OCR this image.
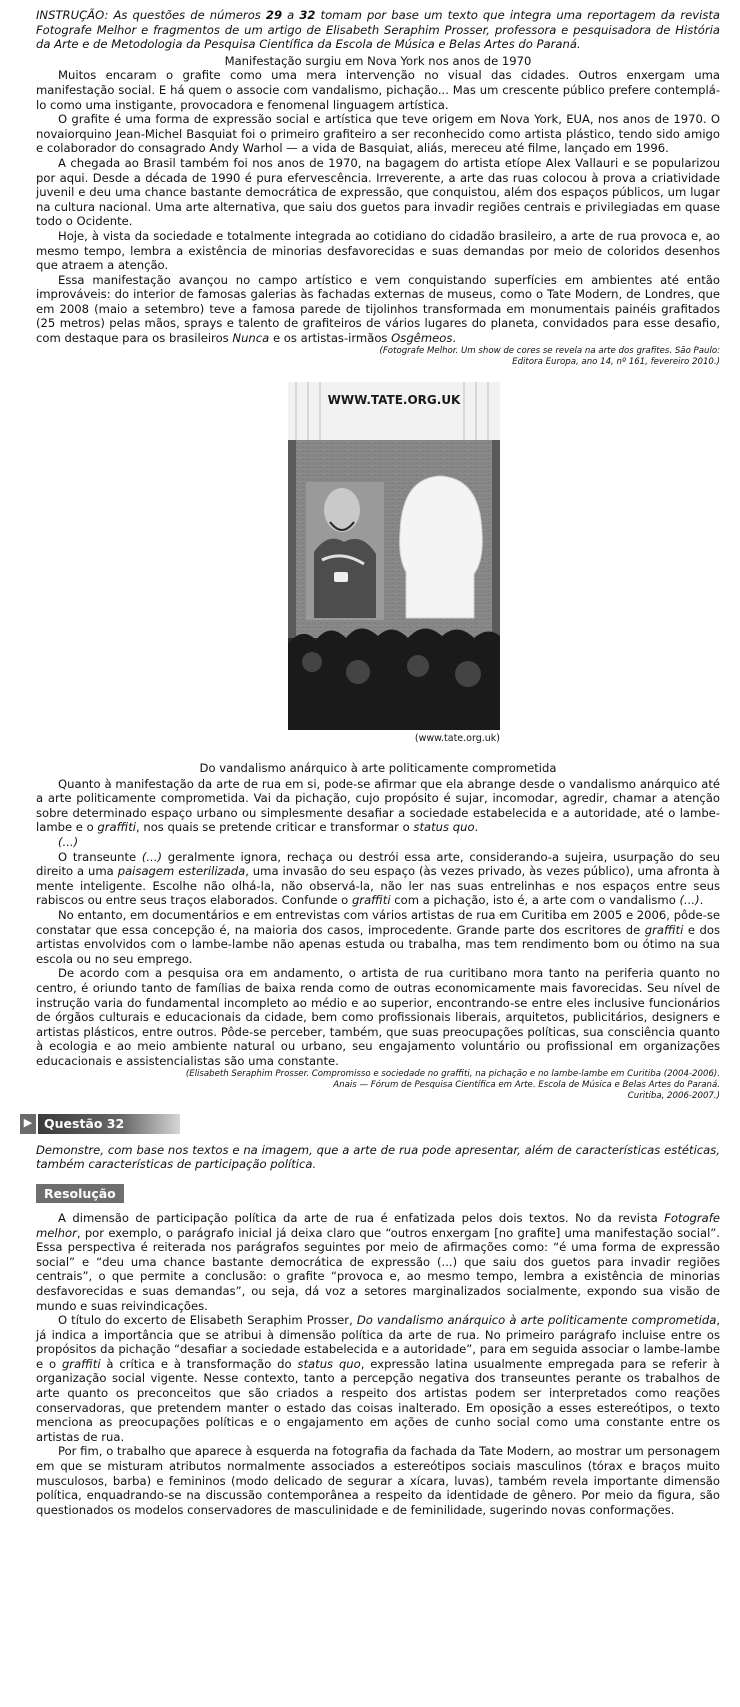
INSTRUÇÃO: As questões de números 29 a 32 tomam por base um texto que integra uma reportagem da revista Fotografe Melhor e fragmentos de um artigo de Elisabeth Seraphim Prosser, professora e pesquisadora de História da Arte e de Metodologia da Pesquisa Científica da Escola de Música e Belas Artes do Paraná.

Manifestação surgiu em Nova York nos anos de 1970

Muitos encaram o grafite como uma mera intervenção no visual das cidades. Outros enxergam uma manifestação social. E há quem o associe com vandalismo, pichação... Mas um crescente público prefere contemplá-lo como uma instigante, provocadora e fenomenal linguagem artística.

O grafite é uma forma de expressão social e artística que teve origem em Nova York, EUA, nos anos de 1970. O novaiorquino Jean-Michel Basquiat foi o primeiro grafiteiro a ser reconhecido como artista plástico, tendo sido amigo e colaborador do consagrado Andy Warhol — a vida de Basquiat, aliás, mereceu até filme, lançado em 1996.

A chegada ao Brasil também foi nos anos de 1970, na bagagem do artista etíope Alex Vallauri e se popularizou por aqui. Desde a década de 1990 é pura efervescência. Irreverente, a arte das ruas colocou à prova a criatividade juvenil e deu uma chance bastante democrática de expressão, que conquistou, além dos espaços públicos, um lugar na cultura nacional. Uma arte alternativa, que saiu dos guetos para invadir regiões centrais e privilegiadas em quase todo o Ocidente.

Hoje, à vista da sociedade e totalmente integrada ao cotidiano do cidadão brasileiro, a arte de rua provoca e, ao mesmo tempo, lembra a existência de minorias desfavorecidas e suas demandas por meio de coloridos desenhos que atraem a atenção.

Essa manifestação avançou no campo artístico e vem conquistando superfícies em ambientes até então improváveis: do interior de famosas galerias às fachadas externas de museus, como o Tate Modern, de Londres, que em 2008 (maio a setembro) teve a famosa parede de tijolinhos transformada em monumentais painéis grafitados (25 metros) pelas mãos, sprays e talento de grafiteiros de vários lugares do planeta, convidados para esse desafio, com destaque para os brasileiros Nunca e os artistas-irmãos Osgêmeos.

(Fotografe Melhor. Um show de cores se revela na arte dos grafites. São Paulo:

Editora Europa, ano 14, nº 161, fevereiro 2010.)

WWW.TATE.ORG.UK

(www.tate.org.uk)

Do vandalismo anárquico à arte politicamente comprometida

Quanto à manifestação da arte de rua em si, pode-se afirmar que ela abrange desde o vandalismo anárquico até a arte politicamente comprometida. Vai da pichação, cujo propósito é sujar, incomodar, agredir, chamar a atenção sobre determinado espaço urbano ou simplesmente desafiar a sociedade estabelecida e a autoridade, até o lambe-lambe e o graffiti, nos quais se pretende criticar e transformar o status quo.

(...)

O transeunte (...) geralmente ignora, rechaça ou destrói essa arte, considerando-a sujeira, usurpação do seu direito a uma paisagem esterilizada, uma invasão do seu espaço (às vezes privado, às vezes público), uma afronta à mente inteligente. Escolhe não olhá-la, não observá-la, não ler nas suas entrelinhas e nos espaços entre seus rabiscos ou entre seus traços elaborados. Confunde o graffiti com a pichação, isto é, a arte com o vandalismo (...).

No entanto, em documentários e em entrevistas com vários artistas de rua em Curitiba em 2005 e 2006, pôde-se constatar que essa concepção é, na maioria dos casos, improcedente. Grande parte dos escritores de graffiti e dos artistas envolvidos com o lambe-lambe não apenas estuda ou trabalha, mas tem rendimento bom ou ótimo na sua escola ou no seu emprego.

De acordo com a pesquisa ora em andamento, o artista de rua curitibano mora tanto na periferia quanto no centro, é oriundo tanto de famílias de baixa renda como de outras economicamente mais favorecidas. Seu nível de instrução varia do fundamental incompleto ao médio e ao superior, encontrando-se entre eles inclusive funcionários de órgãos culturais e educacionais da cidade, bem como profissionais liberais, arquitetos, publicitários, designers e artistas plásticos, entre outros. Pôde-se perceber, também, que suas preocupações políticas, sua consciência quanto à ecologia e ao meio ambiente natural ou urbano, seu engajamento voluntário ou profissional em organizações educacionais e assistencialistas são uma constante.

(Elisabeth Seraphim Prosser. Compromisso e sociedade no graffiti, na pichação e no lambe-lambe em Curitiba (2004-2006).

Anais — Fórum de Pesquisa Científica em Arte. Escola de Música e Belas Artes do Paraná.

Curitiba, 2006-2007.)

▶ Questão 32

Demonstre, com base nos textos e na imagem, que a arte de rua pode apresentar, além de características estéticas, também características de participação política.

Resolução

A dimensão de participação política da arte de rua é enfatizada pelos dois textos. No da revista Fotografe melhor, por exemplo, o parágrafo inicial já deixa claro que “outros enxergam [no grafite] uma manifestação social”. Essa perspectiva é reiterada nos parágrafos seguintes por meio de afirmações como: “é uma forma de expressão social” e “deu uma chance bastante democrática de expressão (...) que saiu dos guetos para invadir regiões centrais”, o que permite a conclusão: o grafite “provoca e, ao mesmo tempo, lembra a existência de minorias desfavorecidas e suas demandas”, ou seja, dá voz a setores marginalizados socialmente, expondo sua visão de mundo e suas reivindicações.

O título do excerto de Elisabeth Seraphim Prosser, Do vandalismo anárquico à arte politicamente comprometida, já indica a importância que se atribui à dimensão política da arte de rua. No primeiro parágrafo incluise entre os propósitos da pichação “desafiar a sociedade estabelecida e a autoridade”, para em seguida associar o lambe-lambe e o graffiti à crítica e à transformação do status quo, expressão latina usualmente empregada para se referir à organização social vigente. Nesse contexto, tanto a percepção negativa dos transeuntes perante os trabalhos de arte quanto os preconceitos que são criados a respeito dos artistas podem ser interpretados como reações conservadoras, que pretendem manter o estado das coisas inalterado. Em oposição a esses estereótipos, o texto menciona as preocupações políticas e o engajamento em ações de cunho social como uma constante entre os artistas de rua.

Por fim, o trabalho que aparece à esquerda na fotografia da fachada da Tate Modern, ao mostrar um personagem em que se misturam atributos normalmente associados a estereótipos sociais masculinos (tórax e braços muito musculosos, barba) e femininos (modo delicado de segurar a xícara, luvas), também revela importante dimensão política, enquadrando-se na discussão contemporânea a respeito da identidade de gênero. Por meio da figura, são questionados os modelos conservadores de masculinidade e de feminilidade, sugerindo novas conformações.
